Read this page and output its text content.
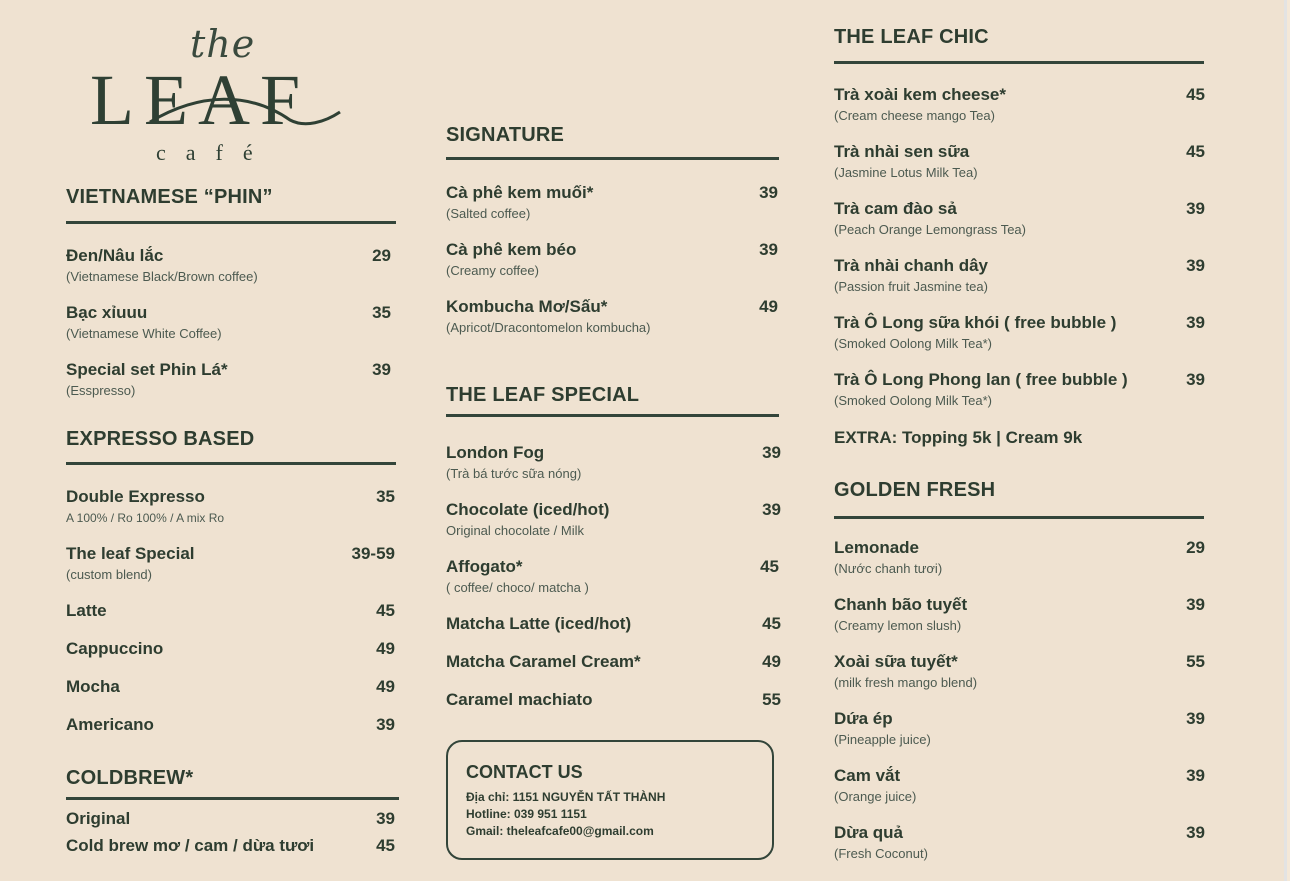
the
LEAF
café
VIETNAMESE “PHIN”
Đen/Nâu lắc
(Vietnamese Black/Brown coffee)
29
Bạc xỉuuu
(Vietnamese White Coffee)
35
Special set Phin Lá*
(Esspresso)
39
EXPRESSO BASED
Double Expresso
A 100% / Ro 100% / A mix Ro
35
The leaf Special
(custom blend)
39-59
Latte	45
Cappuccino	49
Mocha	49
Americano	39
COLDBREW*
Original	39
Cold brew mơ / cam / dừa tươi	45
SIGNATURE
Cà phê kem muối*
(Salted coffee)
39
Cà phê kem béo
(Creamy coffee)
39
Kombucha Mơ/Sấu*
(Apricot/Dracontomelon kombucha)
49
THE LEAF SPECIAL
London Fog
(Trà bá tước sữa nóng)
39
Chocolate (iced/hot)
Original chocolate / Milk
39
Affogato*
( coffee/ choco/ matcha )
45
Matcha Latte (iced/hot)	45
Matcha Caramel Cream*	49
Caramel machiato	55
CONTACT US
Địa chỉ: 1151 NGUYỄN TẤT THÀNH
Hotline: 039 951 1151
Gmail: theleafcafe00@gmail.com
THE LEAF CHIC
Trà xoài kem cheese*
(Cream cheese mango Tea)
45
Trà nhài sen sữa
(Jasmine Lotus Milk Tea)
45
Trà cam đào sả
(Peach Orange Lemongrass Tea)
39
Trà nhài chanh dây
(Passion fruit Jasmine tea)
39
Trà Ô Long sữa khói ( free bubble )
(Smoked Oolong Milk Tea*)
39
Trà Ô Long Phong lan ( free bubble )
(Smoked Oolong Milk Tea*)
39
EXTRA: Topping 5k | Cream 9k
GOLDEN FRESH
Lemonade
(Nước chanh tươi)
29
Chanh bão tuyết
(Creamy lemon slush)
39
Xoài sữa tuyết*
(milk fresh mango blend)
55
Dứa ép
(Pineapple juice)
39
Cam vắt
(Orange juice)
39
Dừa quả
(Fresh Coconut)
39
